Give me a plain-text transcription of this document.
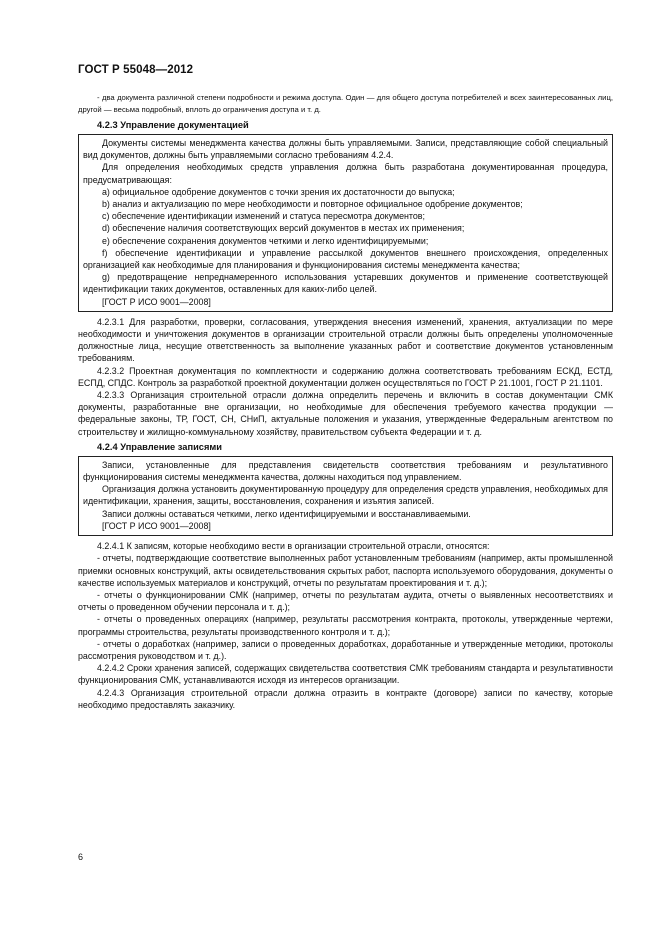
ГОСТ Р 55048—2012

- два документа различной степени подробности и режима доступа. Один — для общего доступа потребителей и всех заинтересованных лиц, другой — весьма подробный, вплоть до ограничения доступа и т. д.

4.2.3 Управление документацией

Документы системы менеджмента качества должны быть управляемыми. Записи, представляющие собой специальный вид документов, должны быть управляемыми согласно требованиям 4.2.4.

Для определения необходимых средств управления должна быть разработана документированная процедура, предусматривающая:

a) официальное одобрение документов с точки зрения их достаточности до выпуска;

b) анализ и актуализацию по мере необходимости и повторное официальное одобрение документов;

c) обеспечение идентификации изменений и статуса пересмотра документов;

d) обеспечение наличия соответствующих версий документов в местах их применения;

e) обеспечение сохранения документов четкими и легко идентифицируемыми;

f) обеспечение идентификации и управление рассылкой документов внешнего происхождения, определенных организацией как необходимые для планирования и функционирования системы менеджмента качества;

g) предотвращение непреднамеренного использования устаревших документов и применение соответствующей идентификации таких документов, оставленных для каких-либо целей.

[ГОСТ Р ИСО 9001—2008]

4.2.3.1 Для разработки, проверки, согласования, утверждения внесения изменений, хранения, актуализации по мере необходимости и уничтожения документов в организации строительной отрасли должны быть определены уполномоченные должностные лица, несущие ответственность за выполнение указанных работ и соответствие документов установленным требованиям.

4.2.3.2 Проектная документация по комплектности и содержанию должна соответствовать требованиям ЕСКД, ЕСТД, ЕСПД, СПДС. Контроль за разработкой проектной документации должен осуществляться по ГОСТ Р 21.1001, ГОСТ Р 21.1101.

4.2.3.3 Организация строительной отрасли должна определить перечень и включить в состав документации СМК документы, разработанные вне организации, но необходимые для обеспечения требуемого качества продукции — федеральные законы, ТР, ГОСТ, СН, СНиП, актуальные положения и указания, утвержденные Федеральным агентством по строительству и жилищно-коммунальному хозяйству, правительством субъекта Федерации и т. д.

4.2.4 Управление записями

Записи, установленные для представления свидетельств соответствия требованиям и результативного функционирования системы менеджмента качества, должны находиться под управлением.

Организация должна установить документированную процедуру для определения средств управления, необходимых для идентификации, хранения, защиты, восстановления, сохранения и изъятия записей.

Записи должны оставаться четкими, легко идентифицируемыми и восстанавливаемыми.

[ГОСТ Р ИСО 9001—2008]

4.2.4.1 К записям, которые необходимо вести в организации строительной отрасли, относятся:

- отчеты, подтверждающие соответствие выполненных работ установленным требованиям (например, акты промышленной приемки основных конструкций, акты освидетельствования скрытых работ, паспорта используемого оборудования, документы о качестве используемых материалов и конструкций, отчеты по результатам проектирования и т. д.);

- отчеты о функционировании СМК (например, отчеты по результатам аудита, отчеты о выявленных несоответствиях и отчеты о проведенном обучении персонала и т. д.);

- отчеты о проведенных операциях (например, результаты рассмотрения контракта, протоколы, утвержденные чертежи, программы строительства, результаты производственного контроля и т. д.);

- отчеты о доработках (например, записи о проведенных доработках, доработанные и утвержденные методики, протоколы рассмотрения руководством и т. д.).

4.2.4.2 Сроки хранения записей, содержащих свидетельства соответствия СМК требованиям стандарта и результативности функционирования СМК, устанавливаются исходя из интересов организации.

4.2.4.3 Организация строительной отрасли должна отразить в контракте (договоре) записи по качеству, которые необходимо предоставлять заказчику.

6
